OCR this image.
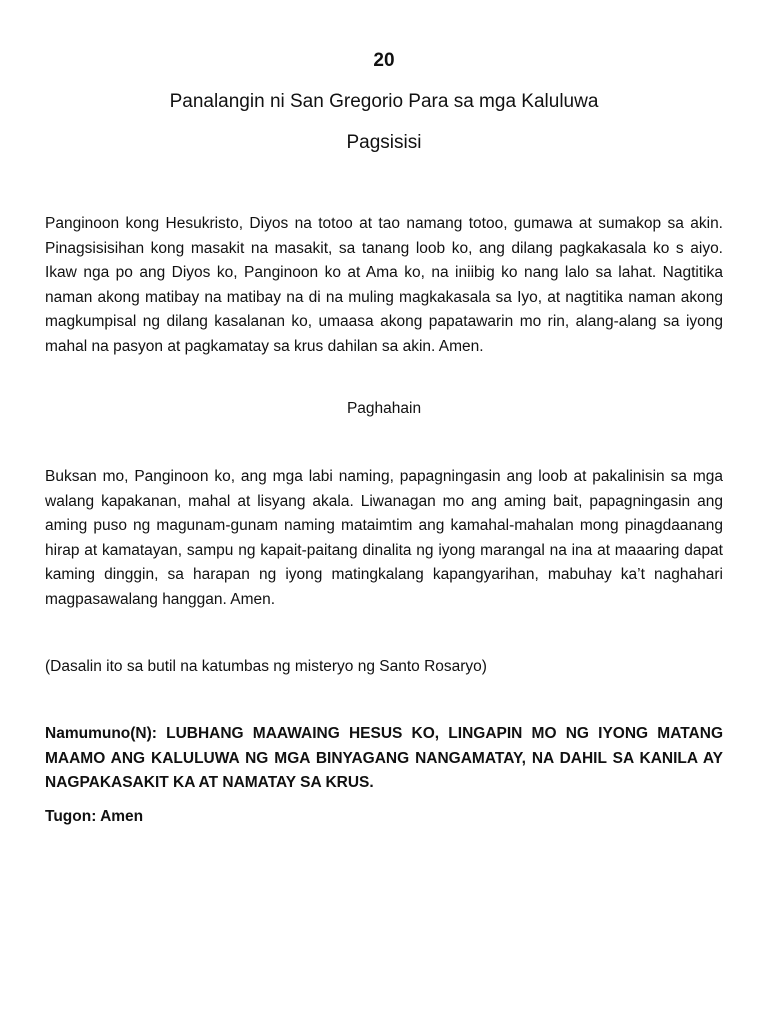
20
Panalangin ni San Gregorio Para sa mga Kaluluwa
Pagsisisi

Panginoon kong Hesukristo, Diyos na totoo at tao namang totoo, gumawa at sumakop sa akin. Pinagsisisihan kong masakit na masakit, sa tanang loob ko, ang dilang pagkakasala ko s aiyo. Ikaw nga po ang Diyos ko, Panginoon ko at Ama ko, na iniibig ko nang lalo sa lahat. Nagtitika naman akong matibay na matibay na di na muling magkakasala sa Iyo, at nagtitika naman akong magkumpisal ng dilang kasalanan ko, umaasa akong papatawarin mo rin, alang-alang sa iyong mahal na pasyon at pagkamatay sa krus dahilan sa akin. Amen.

Paghahain

Buksan mo, Panginoon ko, ang mga labi naming, papagningasin ang loob at pakalinisin sa mga walang kapakanan, mahal at lisyang akala. Liwanagan mo ang aming bait, papagningasin ang aming puso ng magunam-gunam naming mataimtim ang kamahal-mahalan mong pinagdaanang hirap at kamatayan, sampu ng kapait-paitang dinalita ng iyong marangal na ina at maaaring dapat kaming dinggin, sa harapan ng iyong matingkalang kapangyarihan, mabuhay ka’t naghahari magpasawalang hanggan. Amen.

(Dasalin ito sa butil na katumbas ng misteryo ng Santo Rosaryo)

Namumuno(N): LUBHANG MAAWAING HESUS KO, LINGAPIN MO NG IYONG MATANG MAAMO ANG KALULUWA NG MGA BINYAGANG NANGAMATAY, NA DAHIL SA KANILA AY NAGPAKASAKIT KA AT NAMATAY SA KRUS.

Tugon: Amen
